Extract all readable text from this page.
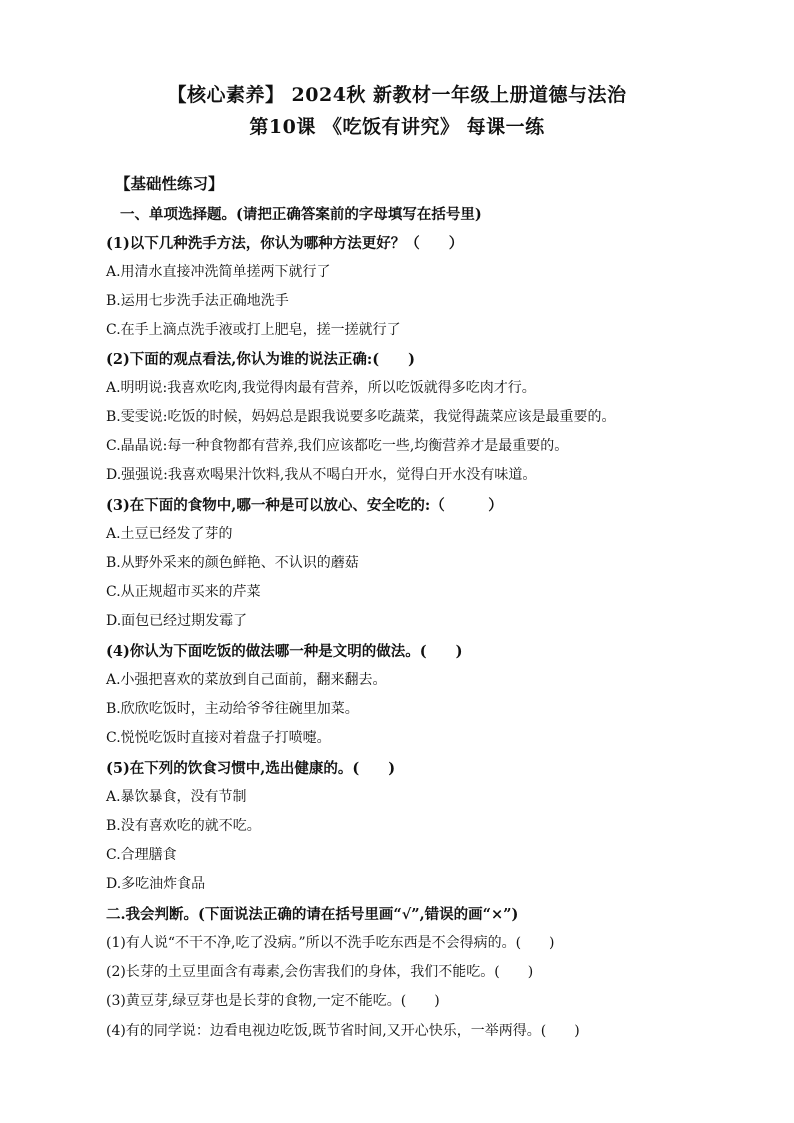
【核心素养】 2024秋 新教材一年级上册道德与法治
第10课 《吃饭有讲究》 每课一练
【基础性练习】
一、单项选择题。(请把正确答案前的字母填写在括号里)
(1)以下几种洗手方法，你认为哪种方法更好？（　　）
A.用清水直接冲洗简单搓两下就行了
B.运用七步洗手法正确地洗手
C.在手上滴点洗手液或打上肥皂，搓一搓就行了
(2)下面的观点看法,你认为谁的说法正确:(　　)
A.明明说:我喜欢吃肉,我觉得肉最有营养，所以吃饭就得多吃肉才行。
B.雯雯说:吃饭的时候，妈妈总是跟我说要多吃蔬菜，我觉得蔬菜应该是最重要的。
C.晶晶说:每一种食物都有营养,我们应该都吃一些,均衡营养才是最重要的。
D.强强说:我喜欢喝果汁饮料,我从不喝白开水，觉得白开水没有味道。
(3)在下面的食物中,哪一种是可以放心、安全吃的:（　　　）
A.土豆已经发了芽的
B.从野外采来的颜色鲜艳、不认识的蘑菇
C.从正规超市买来的芹菜
D.面包已经过期发霉了
(4)你认为下面吃饭的做法哪一种是文明的做法。(　　)
A.小强把喜欢的菜放到自己面前，翻来翻去。
B.欣欣吃饭时，主动给爷爷往碗里加菜。
C.悦悦吃饭时直接对着盘子打喷嚏。
(5)在下列的饮食习惯中,选出健康的。(　　)
A.暴饮暴食，没有节制
B.没有喜欢吃的就不吃。
C.合理膳食
D.多吃油炸食品
二.我会判断。(下面说法正确的请在括号里画“√”,错误的画“×”)
(1)有人说“不干不净,吃了没病。”所以不洗手吃东西是不会得病的。(　　)
(2)长芽的土豆里面含有毒素,会伤害我们的身体，我们不能吃。(　　)
(3)黄豆芽,绿豆芽也是长芽的食物,一定不能吃。(　　)
(4)有的同学说：边看电视边吃饭,既节省时间,又开心快乐，一举两得。(　　)
